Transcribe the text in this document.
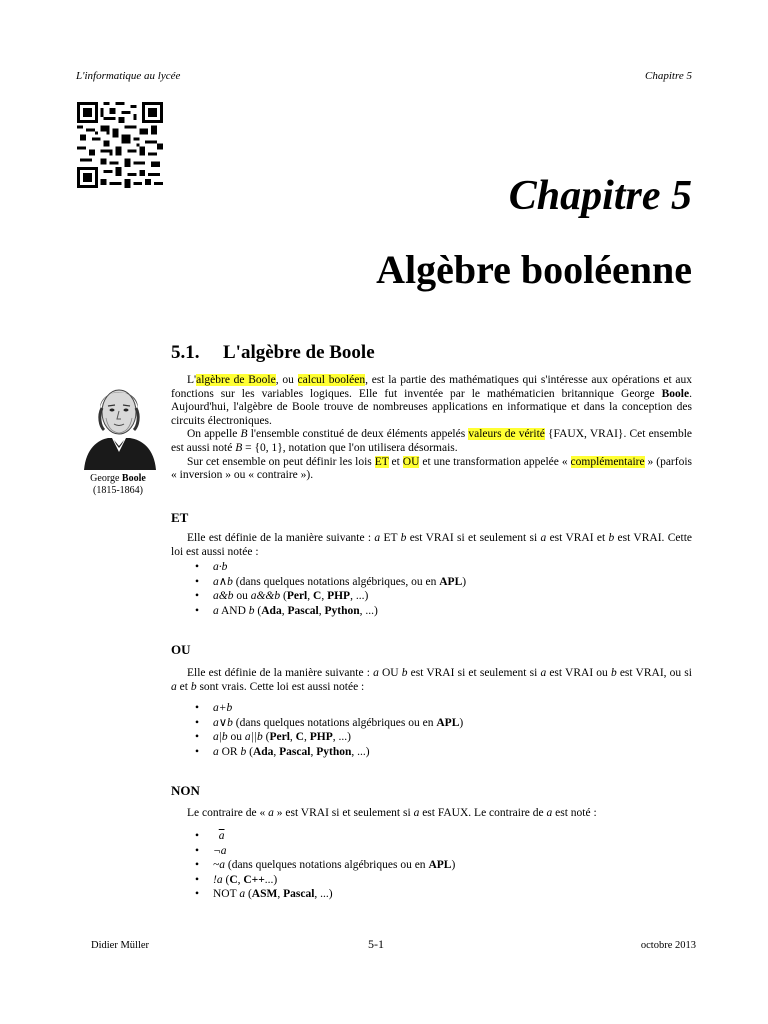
L'informatique au lycée	Chapitre 5
Chapitre 5
Algèbre booléenne
5.1. L'algèbre de Boole
George Boole
(1815-1864)

L'algèbre de Boole, ou calcul booléen, est la partie des mathématiques qui s'intéresse aux opérations et aux fonctions sur les variables logiques. Elle fut inventée par le mathématicien britannique George Boole. Aujourd'hui, l'algèbre de Boole trouve de nombreuses applications en informatique et dans la conception des circuits électroniques.

On appelle B l'ensemble constitué de deux éléments appelés valeurs de vérité {FAUX, VRAI}. Cet ensemble est aussi noté B = {0, 1}, notation que l'on utilisera désormais.

Sur cet ensemble on peut définir les lois ET et OU et une transformation appelée « complémentaire » (parfois « inversion » ou « contraire »).

ET

Elle est définie de la manière suivante : a ET b est VRAI si et seulement si a est VRAI et b est VRAI. Cette loi est aussi notée :

• a·b
• a∧b (dans quelques notations algébriques, ou en APL)
• a&b ou a&&b (Perl, C, PHP, ...)
• a AND b (Ada, Pascal, Python, ...)
OU

Elle est définie de la manière suivante : a OU b est VRAI si et seulement si a est VRAI ou b est VRAI, ou si a et b sont vrais. Cette loi est aussi notée :

• a+b
• a∨b (dans quelques notations algébriques ou en APL)
• a|b ou a||b (Perl, C, PHP, ...)
• a OR b (Ada, Pascal, Python, ...)
NON

Le contraire de « a » est VRAI si et seulement si a est FAUX. Le contraire de a est noté :

• $\overline{a}$
• ¬a
• ~a (dans quelques notations algébriques ou en APL)
• !a (C, C++...)
• NOT a (ASM, Pascal, ...)
Didier Müller	5-1	octobre 2013
